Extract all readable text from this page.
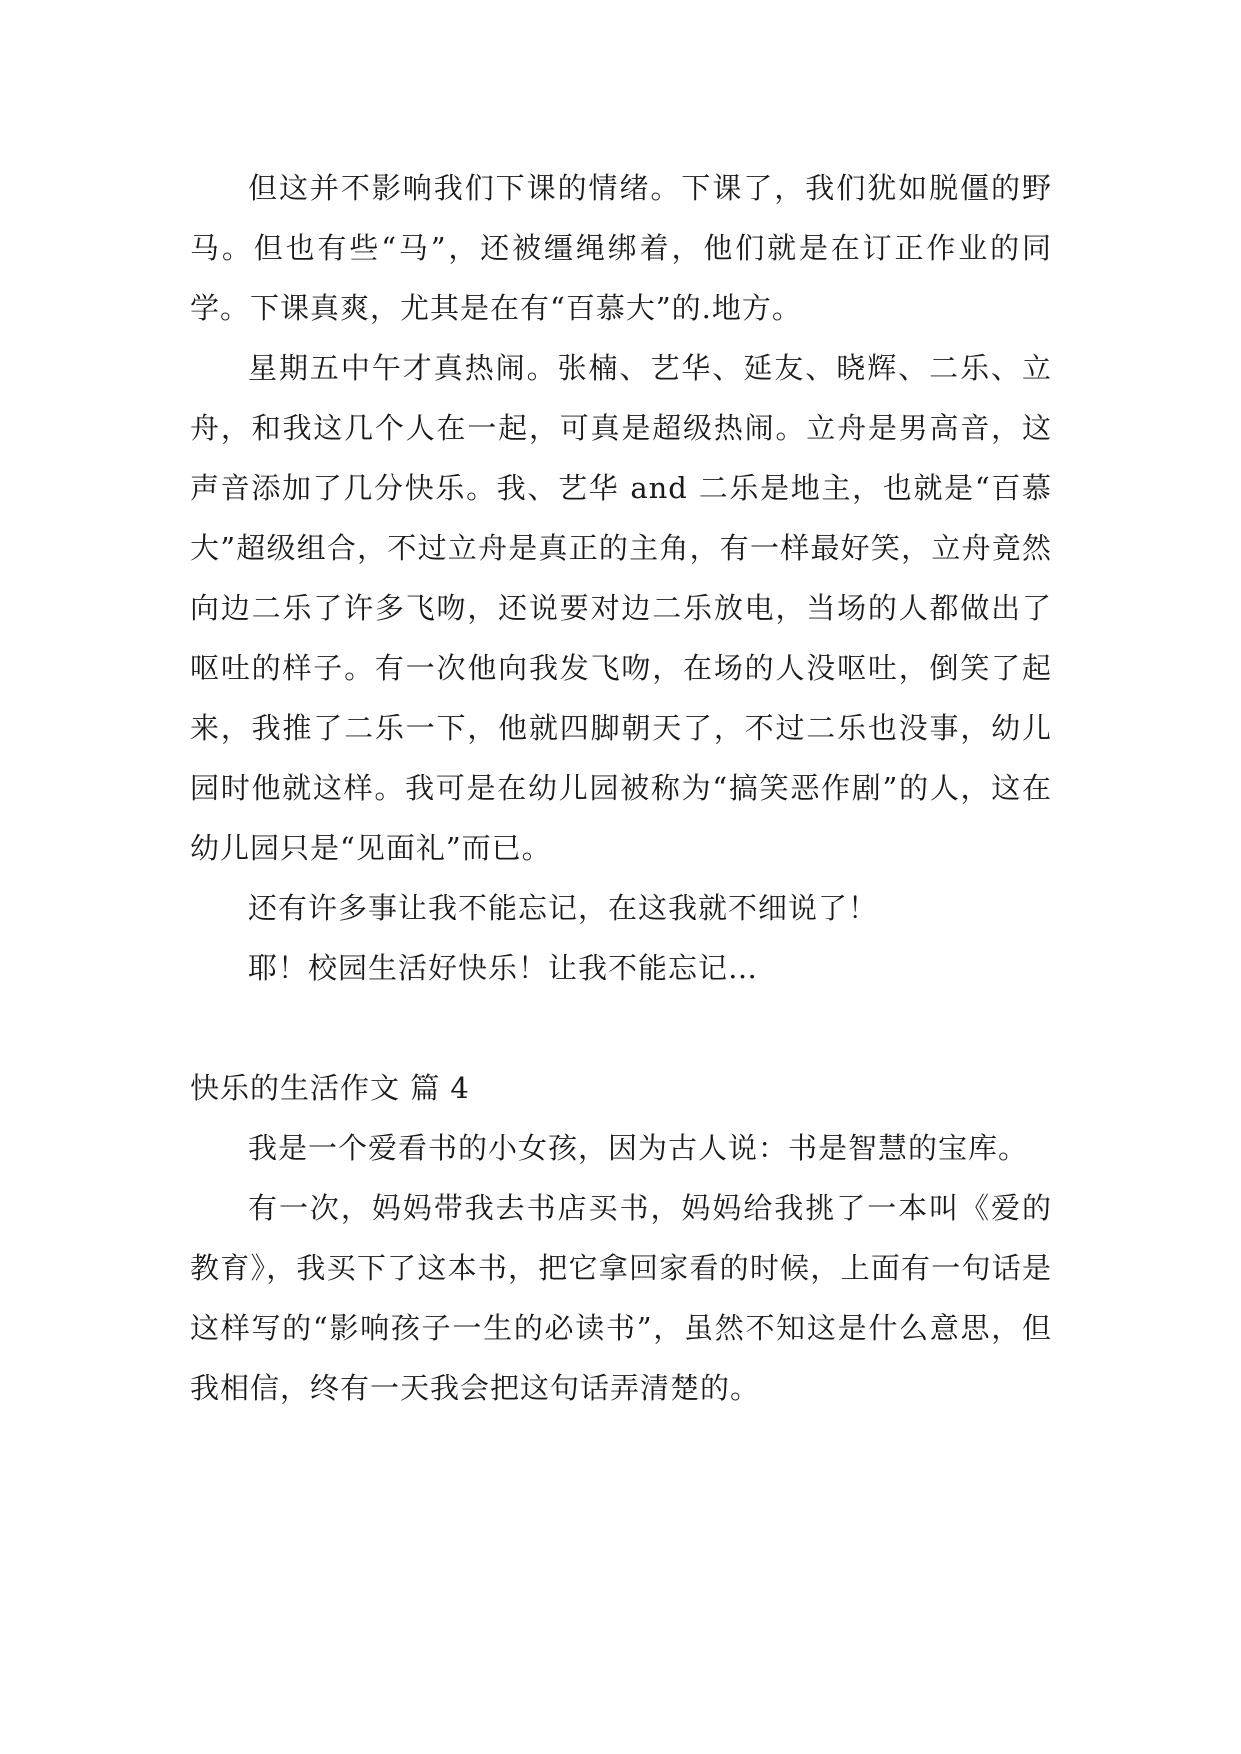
但这并不影响我们下课的情绪。下课了，我们犹如脱僵的野马。但也有些“马”，还被缰绳绑着，他们就是在订正作业的同学。下课真爽，尤其是在有“百慕大”的.地方。

星期五中午才真热闹。张楠、艺华、延友、晓辉、二乐、立舟，和我这几个人在一起，可真是超级热闹。立舟是男高音，这声音添加了几分快乐。我、艺华 and 二乐是地主，也就是“百慕大”超级组合，不过立舟是真正的主角，有一样最好笑，立舟竟然向边二乐了许多飞吻，还说要对边二乐放电，当场的人都做出了呕吐的样子。有一次他向我发飞吻，在场的人没呕吐，倒笑了起来，我推了二乐一下，他就四脚朝天了，不过二乐也没事，幼儿园时他就这样。我可是在幼儿园被称为“搞笑恶作剧”的人，这在幼儿园只是“见面礼”而已。

还有许多事让我不能忘记，在这我就不细说了！

耶！校园生活好快乐！让我不能忘记…

快乐的生活作文 篇 4

我是一个爱看书的小女孩，因为古人说：书是智慧的宝库。

有一次，妈妈带我去书店买书，妈妈给我挑了一本叫《爱的教育》，我买下了这本书，把它拿回家看的时候，上面有一句话是这样写的“影响孩子一生的必读书”，虽然不知这是什么意思，但我相信，终有一天我会把这句话弄清楚的。
